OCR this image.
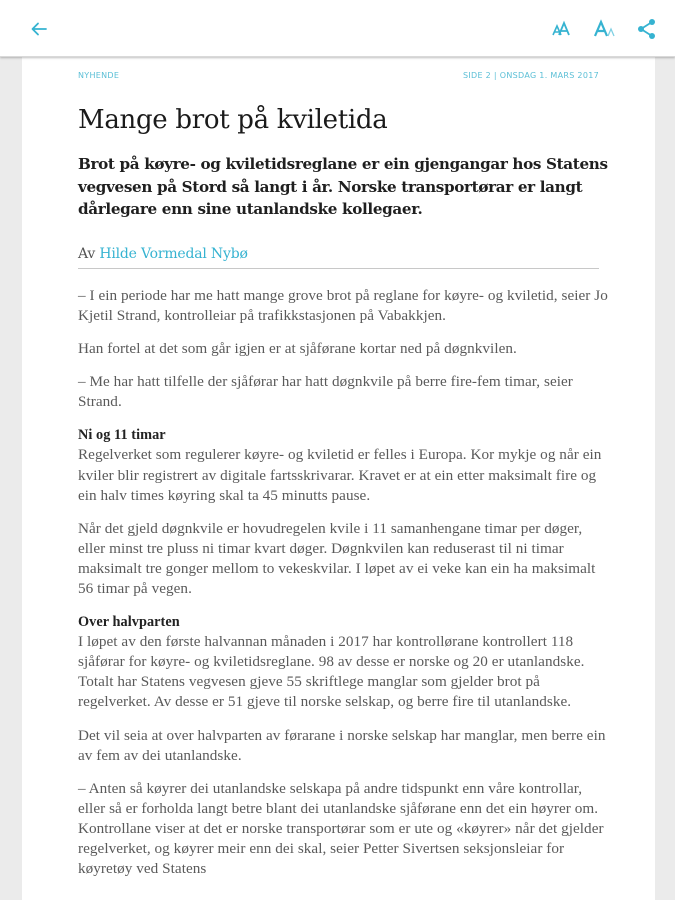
NYHENDE	SIDE 2 | ONSDAG 1. MARS 2017
Mange brot på kviletida
Brot på køyre- og kviletidsreglane er ein gjengangar hos Statens vegvesen på Stord så langt i år. Norske transportørar er langt dårlegare enn sine utanlandske kollegaer.
Av Hilde Vormedal Nybø

– I ein periode har me hatt mange grove brot på reglane for køyre- og kviletid, seier Jo Kjetil Strand, kontrolleiar på trafikkstasjonen på Vabakkjen.

Han fortel at det som går igjen er at sjåførane kortar ned på døgnkvilen.

– Me har hatt tilfelle der sjåførar har hatt døgnkvile på berre fire-fem timar, seier Strand.

Ni og 11 timar

Regelverket som regulerer køyre- og kviletid er felles i Europa. Kor mykje og når ein kviler blir registrert av digitale fartsskrivarar. Kravet er at ein etter maksimalt fire og ein halv times køyring skal ta 45 minutts pause.

Når det gjeld døgnkvile er hovudregelen kvile i 11 samanhengane timar per døger, eller minst tre pluss ni timar kvart døger. Døgnkvilen kan reduserast til ni timar maksimalt tre gonger mellom to vekeskvilar. I løpet av ei veke kan ein ha maksimalt 56 timar på vegen.

Over halvparten

I løpet av den første halvannan månaden i 2017 har kontrollørane kontrollert 118 sjåførar for køyre- og kviletidsreglane. 98 av desse er norske og 20 er utanlandske. Totalt har Statens vegvesen gjeve 55 skriftlege manglar som gjelder brot på regelverket. Av desse er 51 gjeve til norske selskap, og berre fire til utanlandske.

Det vil seia at over halvparten av førarane i norske selskap har manglar, men berre ein av fem av dei utanlandske.

– Anten så køyrer dei utanlandske selskapa på andre tidspunkt enn våre kontrollar, eller så er forholda langt betre blant dei utanlandske sjåførane enn det ein høyrer om. Kontrollane viser at det er norske transportørar som er ute og «køyrer» når det gjelder regelverket, og køyrer meir enn dei skal, seier Petter Sivertsen seksjonsleiar for køyretøy ved Statens
